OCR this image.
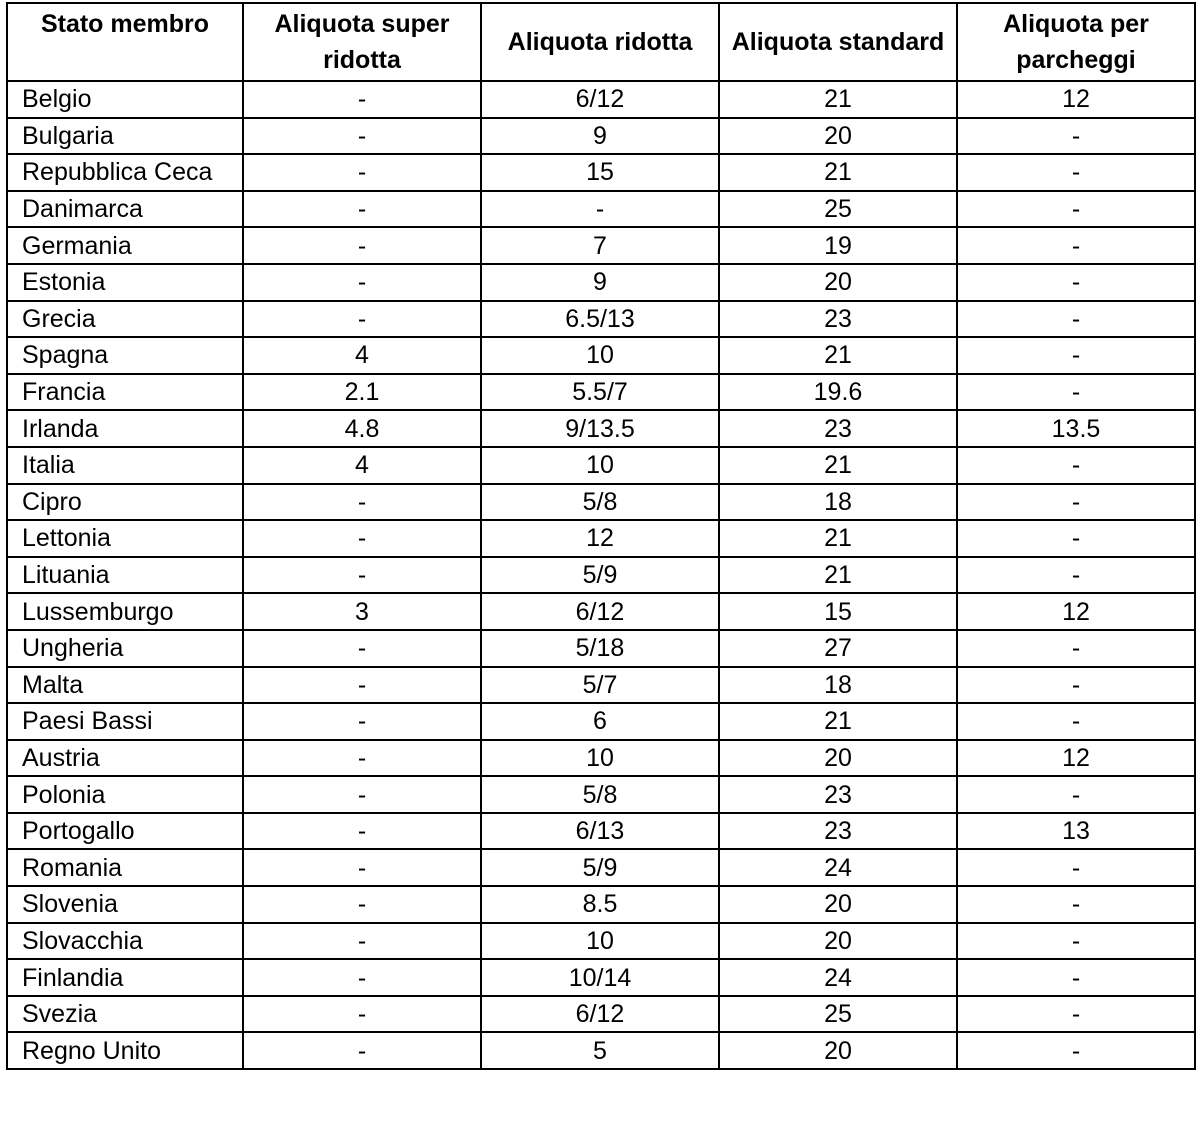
Stato membro	Aliquota super ridotta	Aliquota ridotta	Aliquota standard	Aliquota per parcheggi
Belgio	-	6/12	21	12
Bulgaria	-	9	20	-
Repubblica Ceca	-	15	21	-
Danimarca	-	-	25	-
Germania	-	7	19	-
Estonia	-	9	20	-
Grecia	-	6.5/13	23	-
Spagna	4	10	21	-
Francia	2.1	5.5/7	19.6	-
Irlanda	4.8	9/13.5	23	13.5
Italia	4	10	21	-
Cipro	-	5/8	18	-
Lettonia	-	12	21	-
Lituania	-	5/9	21	-
Lussemburgo	3	6/12	15	12
Ungheria	-	5/18	27	-
Malta	-	5/7	18	-
Paesi Bassi	-	6	21	-
Austria	-	10	20	12
Polonia	-	5/8	23	-
Portogallo	-	6/13	23	13
Romania	-	5/9	24	-
Slovenia	-	8.5	20	-
Slovacchia	-	10	20	-
Finlandia	-	10/14	24	-
Svezia	-	6/12	25	-
Regno Unito	-	5	20	-
